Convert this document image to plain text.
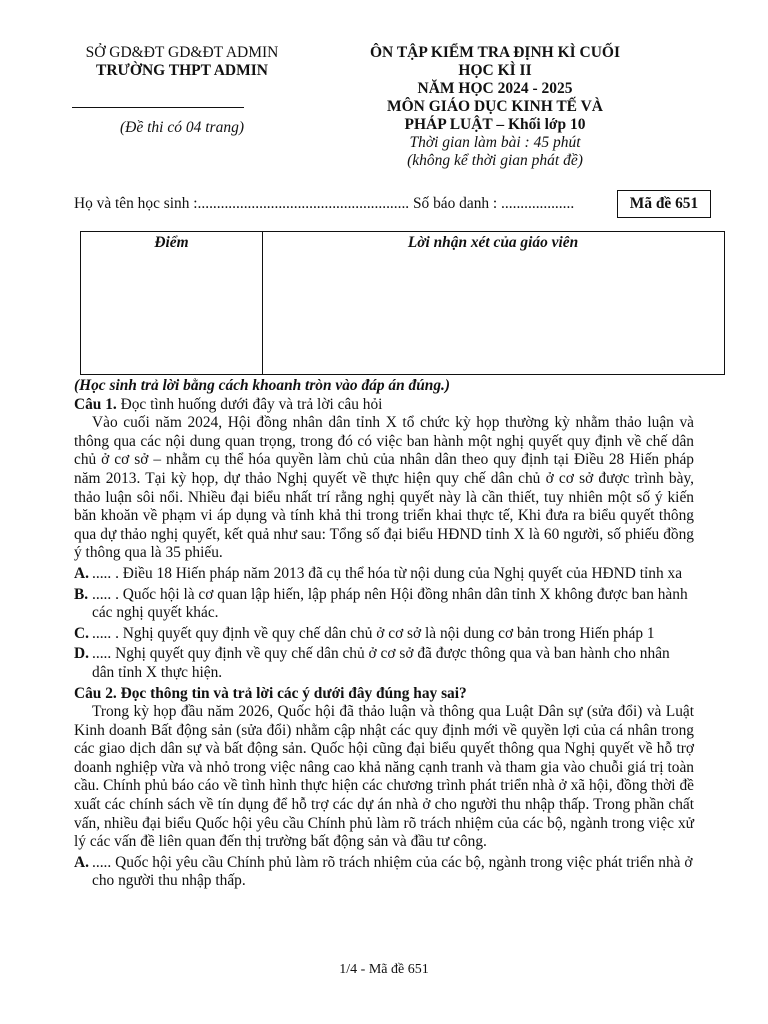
SỞ GD&ĐT GD&ĐT ADMIN
TRƯỜNG THPT ADMIN
(Đề thi có 04 trang)
ÔN TẬP KIỂM TRA ĐỊNH KÌ CUỐI
HỌC KÌ II
NĂM HỌC 2024 - 2025
MÔN GIÁO DỤC KINH TẾ VÀ
PHÁP LUẬT – Khối lớp 10
Thời gian làm bài : 45 phút
(không kể thời gian phát đề)
Họ và tên học sinh :....................................................... Số báo danh : ...................	Mã đề 651
Điểm	Lời nhận xét của giáo viên

(Học sinh trả lời bằng cách khoanh tròn vào đáp án đúng.)

Câu 1. Đọc tình huống dưới đây và trả lời câu hỏi

Vào cuối năm 2024, Hội đồng nhân dân tỉnh X tổ chức kỳ họp thường kỳ nhằm thảo luận và thông qua các nội dung quan trọng, trong đó có việc ban hành một nghị quyết quy định về chế dân chủ ở cơ sở – nhằm cụ thể hóa quyền làm chủ của nhân dân theo quy định tại Điều 28 Hiến pháp năm 2013. Tại kỳ họp, dự thảo Nghị quyết về thực hiện quy chế dân chủ ở cơ sở được trình bày, thảo luận sôi nổi. Nhiều đại biểu nhất trí rằng nghị quyết này là cần thiết, tuy nhiên một số ý kiến băn khoăn về phạm vi áp dụng và tính khả thi trong triển khai thực tế, Khi đưa ra biểu quyết thông qua dự thảo nghị quyết, kết quả như sau: Tổng số đại biểu HĐND tỉnh X là 60 người, số phiếu đồng ý thông qua là 35 phiếu.

A. ..... . Điều 18 Hiến pháp năm 2013 đã cụ thể hóa từ nội dung của Nghị quyết của HĐND tỉnh xa
B. ..... . Quốc hội là cơ quan lập hiến, lập pháp nên Hội đồng nhân dân tỉnh X không được ban hành các nghị quyết khác.
C. ..... . Nghị quyết quy định về quy chế dân chủ ở cơ sở là nội dung cơ bản trong Hiến pháp 1
D. ..... Nghị quyết quy định về quy chế dân chủ ở cơ sở đã được thông qua và ban hành cho nhân dân tỉnh X thực hiện.

Câu 2. Đọc thông tin và trả lời các ý dưới đây đúng hay sai?

Trong kỳ họp đầu năm 2026, Quốc hội đã thảo luận và thông qua Luật Dân sự (sửa đổi) và Luật Kinh doanh Bất động sản (sửa đổi) nhằm cập nhật các quy định mới về quyền lợi của cá nhân trong các giao dịch dân sự và bất động sản. Quốc hội cũng đại biểu quyết thông qua Nghị quyết về hỗ trợ doanh nghiệp vừa và nhỏ trong việc nâng cao khả năng cạnh tranh và tham gia vào chuỗi giá trị toàn cầu. Chính phủ báo cáo về tình hình thực hiện các chương trình phát triển nhà ở xã hội, đồng thời đề xuất các chính sách về tín dụng để hỗ trợ các dự án nhà ở cho người thu nhập thấp. Trong phần chất vấn, nhiều đại biểu Quốc hội yêu cầu Chính phủ làm rõ trách nhiệm của các bộ, ngành trong việc xử lý các vấn đề liên quan đến thị trường bất động sản và đầu tư công.

A. ..... Quốc hội yêu cầu Chính phủ làm rõ trách nhiệm của các bộ, ngành trong việc phát triển nhà ở cho người thu nhập thấp.
1/4 - Mã đề 651
